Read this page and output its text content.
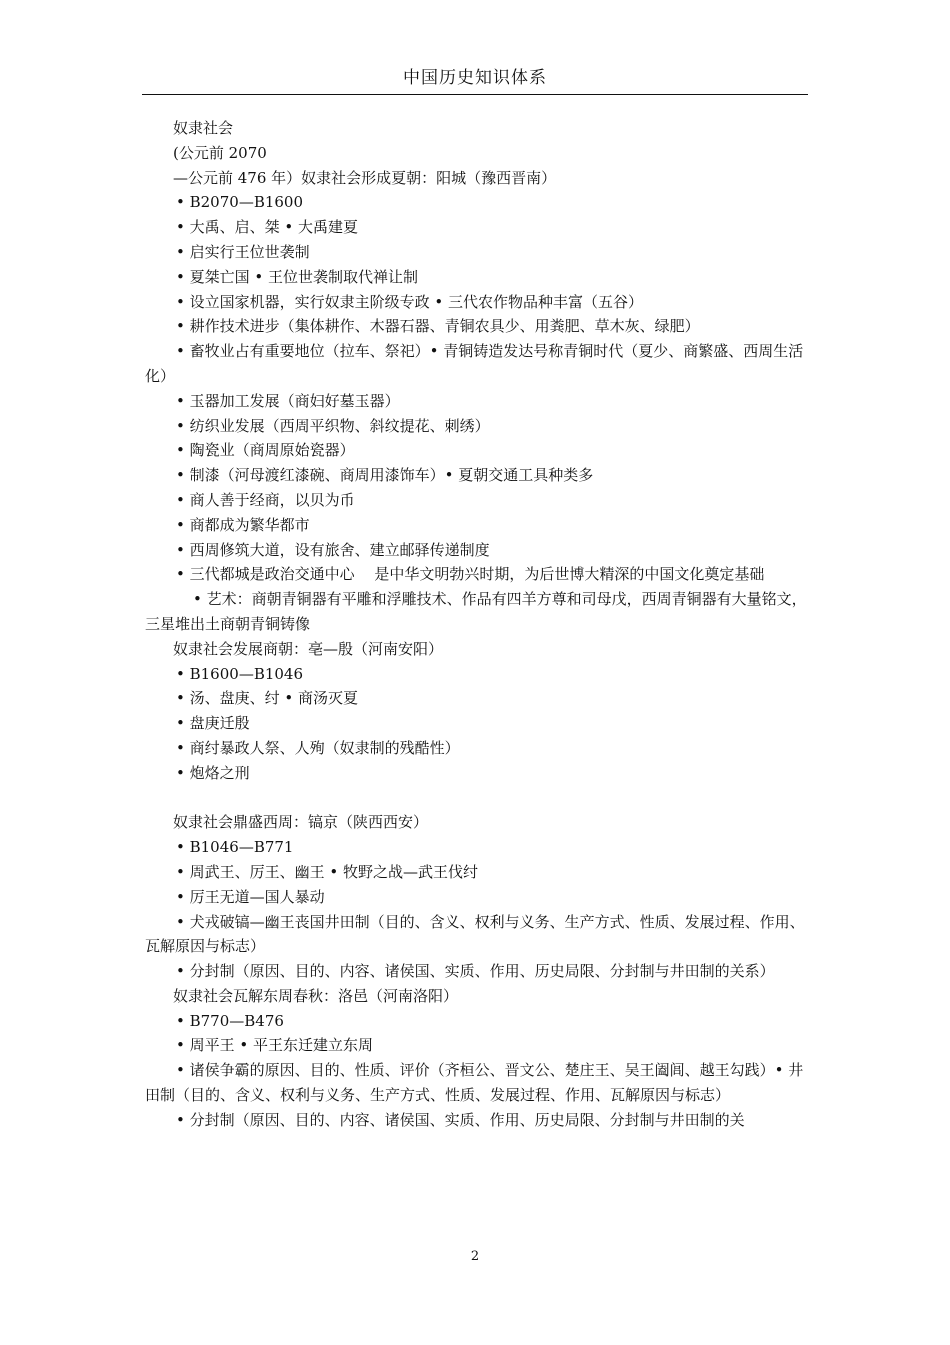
中国历史知识体系

奴隶社会

(公元前 2070

—公元前 476 年）奴隶社会形成夏朝：阳城（豫西晋南）

• B2070—B1600

• 大禹、启、桀 • 大禹建夏

• 启实行王位世袭制

• 夏桀亡国 • 王位世袭制取代禅让制

• 设立国家机器，实行奴隶主阶级专政 • 三代农作物品种丰富（五谷）

• 耕作技术进步（集体耕作、木器石器、青铜农具少、用粪肥、草木灰、绿肥）

• 畜牧业占有重要地位（拉车、祭祀）• 青铜铸造发达号称青铜时代（夏少、商繁盛、西周生活化）

• 玉器加工发展（商妇好墓玉器）

• 纺织业发展（西周平织物、斜纹提花、刺绣）

• 陶瓷业（商周原始瓷器）

• 制漆（河母渡红漆碗、商周用漆饰车）• 夏朝交通工具种类多

• 商人善于经商，以贝为币

• 商都成为繁华都市

• 西周修筑大道，设有旅舍、建立邮驿传递制度

• 三代都城是政治交通中心　 是中华文明勃兴时期，为后世博大精深的中国文化奠定基础

• 艺术：商朝青铜器有平雕和浮雕技术、作品有四羊方尊和司母戊，西周青铜器有大量铭文，三星堆出土商朝青铜铸像

奴隶社会发展商朝：亳—殷（河南安阳）

• B1600—B1046

• 汤、盘庚、纣 • 商汤灭夏

• 盘庚迁殷

• 商纣暴政人祭、人殉（奴隶制的残酷性）

• 炮烙之刑

奴隶社会鼎盛西周：镐京（陕西西安）

• B1046—B771

• 周武王、厉王、幽王 • 牧野之战—武王伐纣

• 厉王无道—国人暴动

• 犬戎破镐—幽王丧国井田制（目的、含义、权利与义务、生产方式、性质、发展过程、作用、瓦解原因与标志）

• 分封制（原因、目的、内容、诸侯国、实质、作用、历史局限、分封制与井田制的关系）

奴隶社会瓦解东周春秋：洛邑（河南洛阳）

• B770—B476

• 周平王 • 平王东迁建立东周

• 诸侯争霸的原因、目的、性质、评价（齐桓公、晋文公、楚庄王、吴王阖闾、越王勾践）• 井田制（目的、含义、权利与义务、生产方式、性质、发展过程、作用、瓦解原因与标志）

• 分封制（原因、目的、内容、诸侯国、实质、作用、历史局限、分封制与井田制的关

2
